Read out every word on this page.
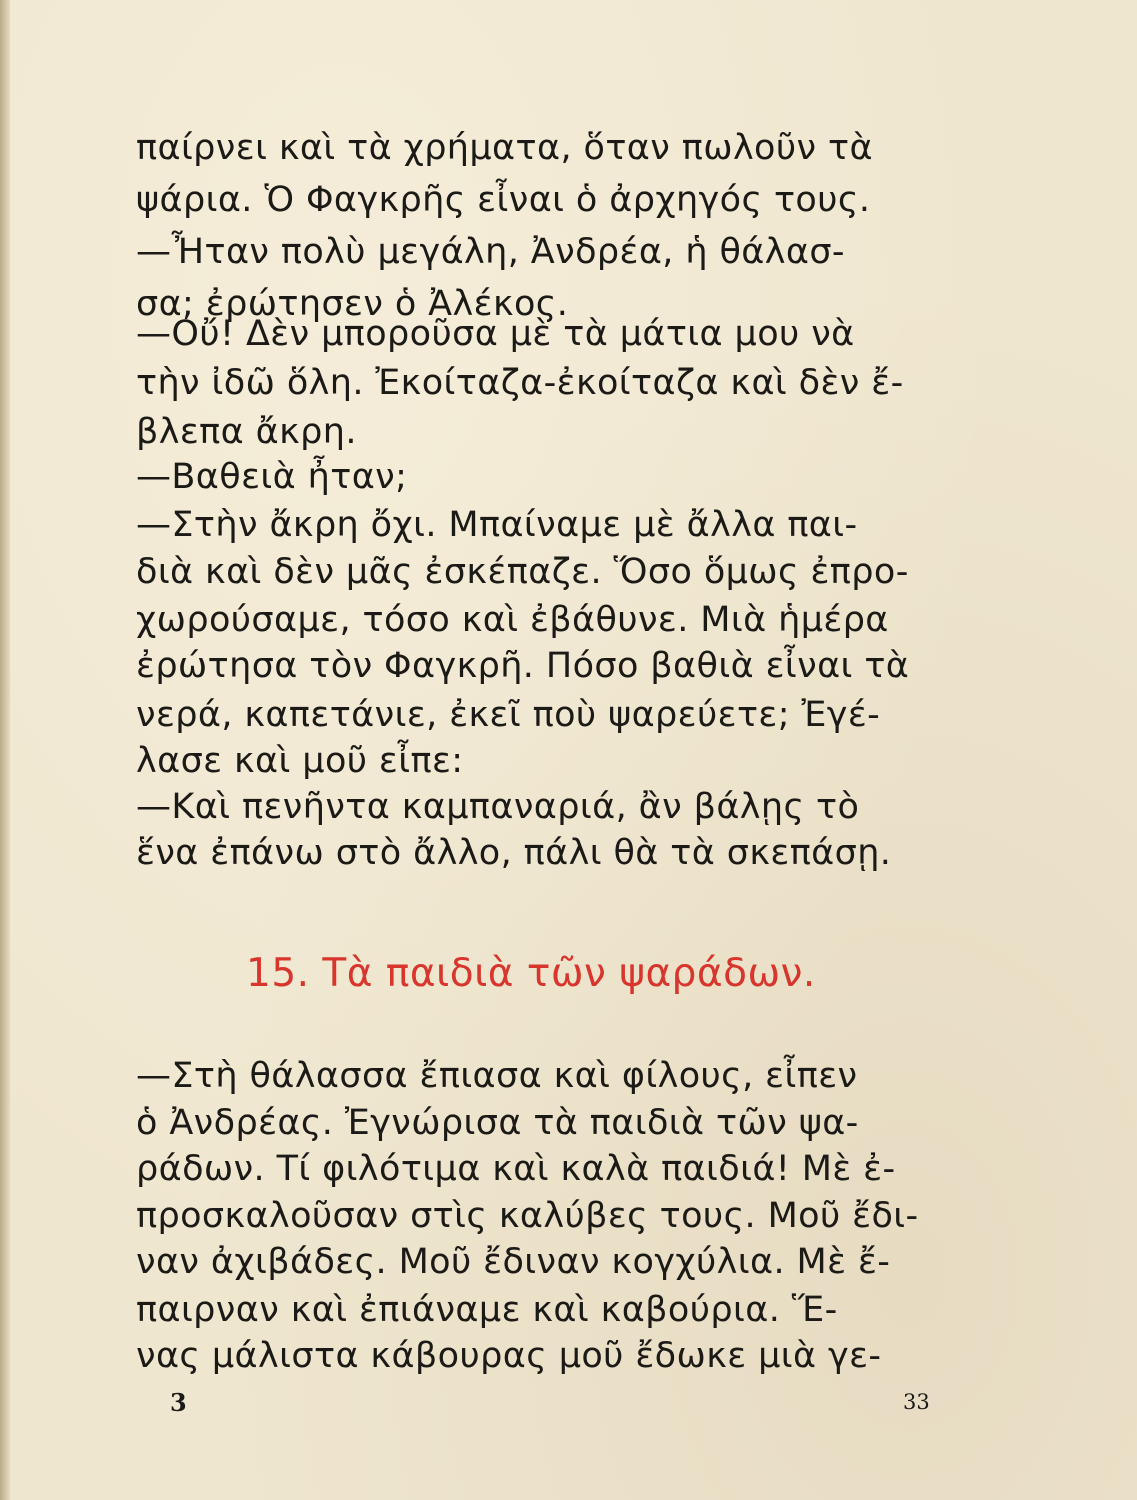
παίρνει καὶ τὰ χρήματα, ὅταν πωλοῦν τὰ
ψάρια. Ὁ Φαγκρῆς εἶναι ὁ ἀρχηγός τους.
—Ἦταν πολὺ μεγάλη, Ἀνδρέα, ἡ θάλασ-
σα; ἐρώτησεν ὁ Ἀλέκος.
—Οὔ! Δὲν μποροῦσα μὲ τὰ μάτια μου νὰ
τὴν ἰδῶ ὅλη. Ἐκοίταζα-ἐκοίταζα καὶ δὲν ἔ-
βλεπα ἄκρη.
—Βαθειὰ ἦταν;
—Στὴν ἄκρη ὄχι. Μπαίναμε μὲ ἄλλα παι-
διὰ καὶ δὲν μᾶς ἐσκέπαζε. Ὅσο ὅμως ἐπρο-
χωρούσαμε, τόσο καὶ ἐβάθυνε. Μιὰ ἡμέρα
ἐρώτησα τὸν Φαγκρῆ. Πόσο βαθιὰ εἶναι τὰ
νερά, καπετάνιε, ἐκεῖ ποὺ ψαρεύετε; Ἐγέ-
λασε καὶ μοῦ εἶπε:
—Καὶ πενῆντα καμπαναριά, ἂν βάλῃς τὸ
ἕνα ἐπάνω στὸ ἄλλο, πάλι θὰ τὰ σκεπάσῃ.
15. Τὰ παιδιὰ τῶν ψαράδων.
—Στὴ θάλασσα ἔπιασα καὶ φίλους, εἶπεν
ὁ Ἀνδρέας. Ἐγνώρισα τὰ παιδιὰ τῶν ψα-
ράδων. Τί φιλότιμα καὶ καλὰ παιδιά! Μὲ ἐ-
προσκαλοῦσαν στὶς καλύβες τους. Μοῦ ἔδι-
ναν ἀχιβάδες. Μοῦ ἔδιναν κογχύλια. Μὲ ἔ-
παιρναν καὶ ἐπιάναμε καὶ καβούρια. Ἕ-
νας μάλιστα κάβουρας μοῦ ἔδωκε μιὰ γε-
3	33
